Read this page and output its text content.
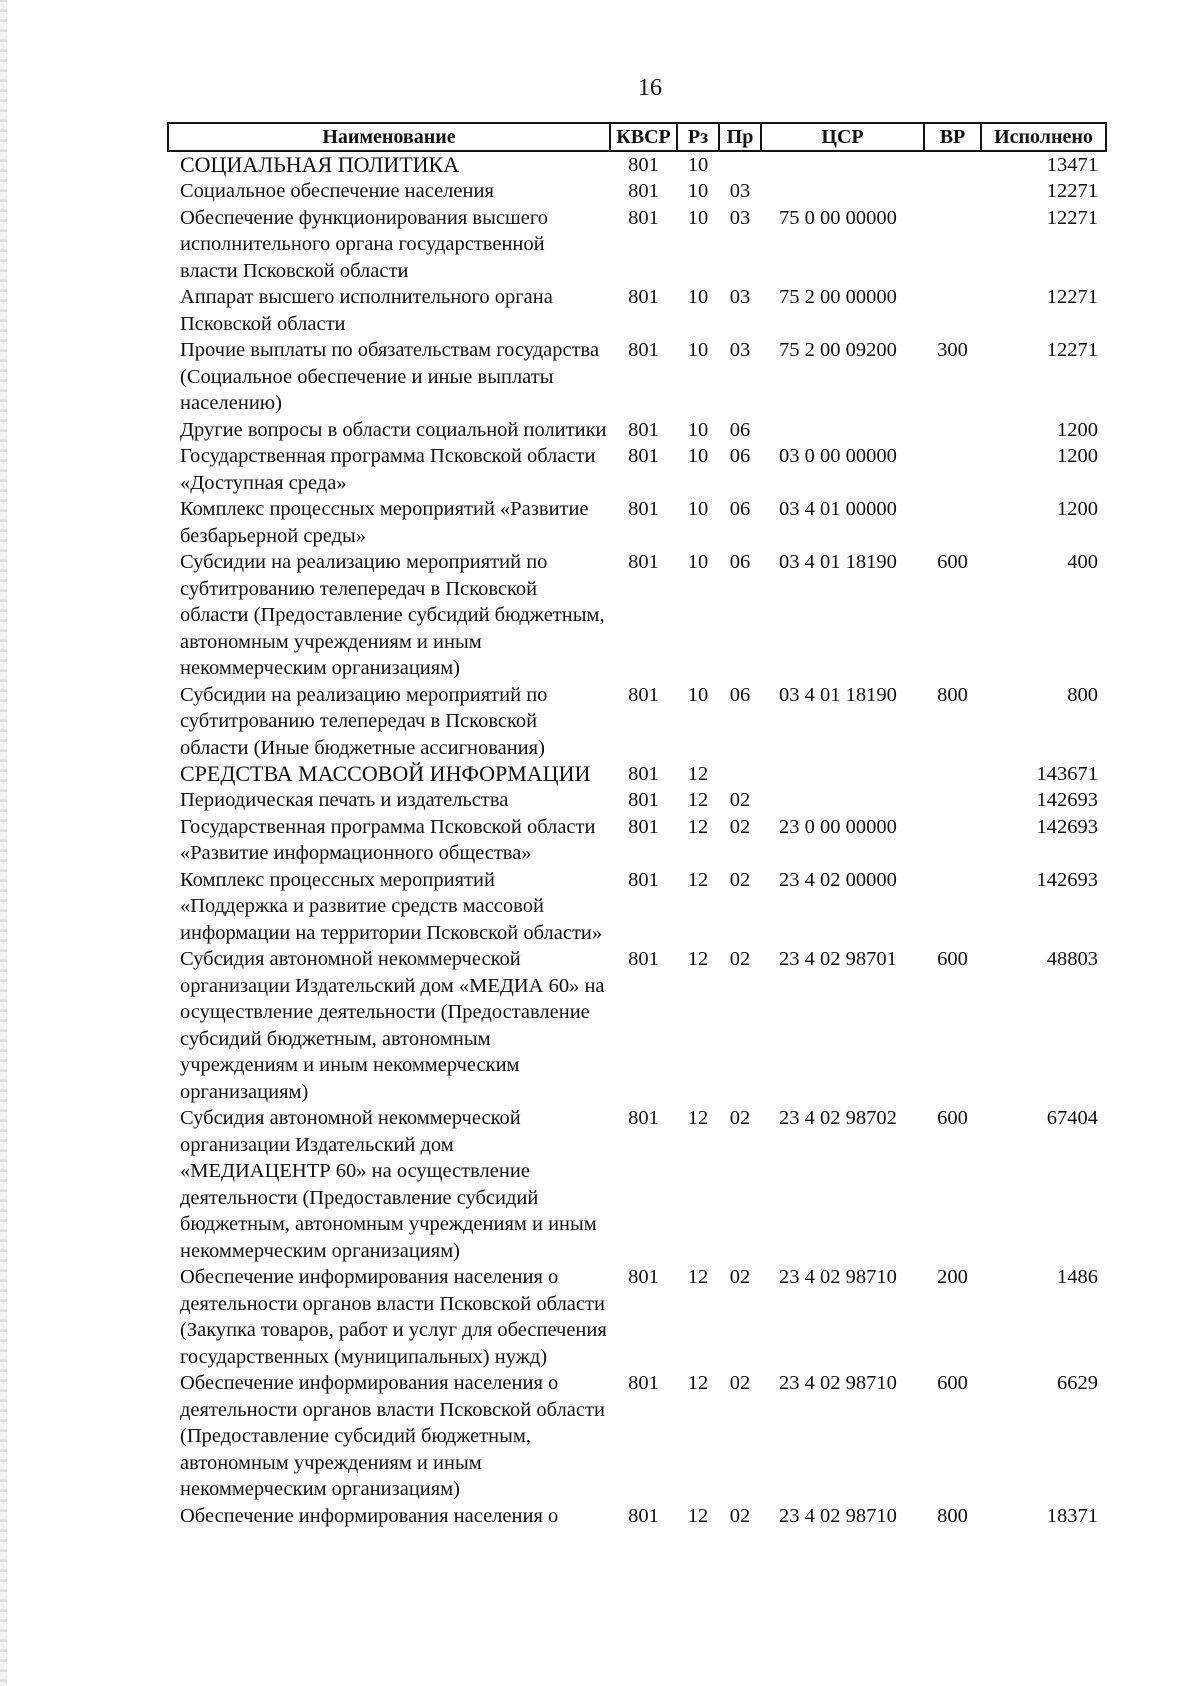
16
Наименование	КВСР	Рз	Пр	ЦСР	ВР	Исполнено
СОЦИАЛЬНАЯ ПОЛИТИКА	801	10				13471
Социальное обеспечение населения	801	10	03			12271
Обеспечение функционирования высшего исполнительного органа государственной власти Псковской области	801	10	03	75 0 00 00000		12271
Аппарат высшего исполнительного органа Псковской области	801	10	03	75 2 00 00000		12271
Прочие выплаты по обязательствам государства (Социальное обеспечение и иные выплаты населению)	801	10	03	75 2 00 09200	300	12271
Другие вопросы в области социальной политики	801	10	06			1200
Государственная программа Псковской области «Доступная среда»	801	10	06	03 0 00 00000		1200
Комплекс процессных мероприятий «Развитие безбарьерной среды»	801	10	06	03 4 01 00000		1200
Субсидии на реализацию мероприятий по субтитрованию телепередач в Псковской области (Предоставление субсидий бюджетным, автономным учреждениям и иным некоммерческим организациям)	801	10	06	03 4 01 18190	600	400
Субсидии на реализацию мероприятий по субтитрованию телепередач в Псковской области (Иные бюджетные ассигнования)	801	10	06	03 4 01 18190	800	800
СРЕДСТВА МАССОВОЙ ИНФОРМАЦИИ	801	12				143671
Периодическая печать и издательства	801	12	02			142693
Государственная программа Псковской области «Развитие информационного общества»	801	12	02	23 0 00 00000		142693
Комплекс процессных мероприятий «Поддержка и развитие средств массовой информации на территории Псковской области»	801	12	02	23 4 02 00000		142693
Субсидия автономной некоммерческой организации Издательский дом «МЕДИА 60» на осуществление деятельности (Предоставление субсидий бюджетным, автономным учреждениям и иным некоммерческим организациям)	801	12	02	23 4 02 98701	600	48803
Субсидия автономной некоммерческой организации Издательский дом «МЕДИАЦЕНТР 60» на осуществление деятельности (Предоставление субсидий бюджетным, автономным учреждениям и иным некоммерческим организациям)	801	12	02	23 4 02 98702	600	67404
Обеспечение информирования населения о деятельности органов власти Псковской области (Закупка товаров, работ и услуг для обеспечения государственных (муниципальных) нужд)	801	12	02	23 4 02 98710	200	1486
Обеспечение информирования населения о деятельности органов власти Псковской области (Предоставление субсидий бюджетным, автономным учреждениям и иным некоммерческим организациям)	801	12	02	23 4 02 98710	600	6629
Обеспечение информирования населения о	801	12	02	23 4 02 98710	800	18371
